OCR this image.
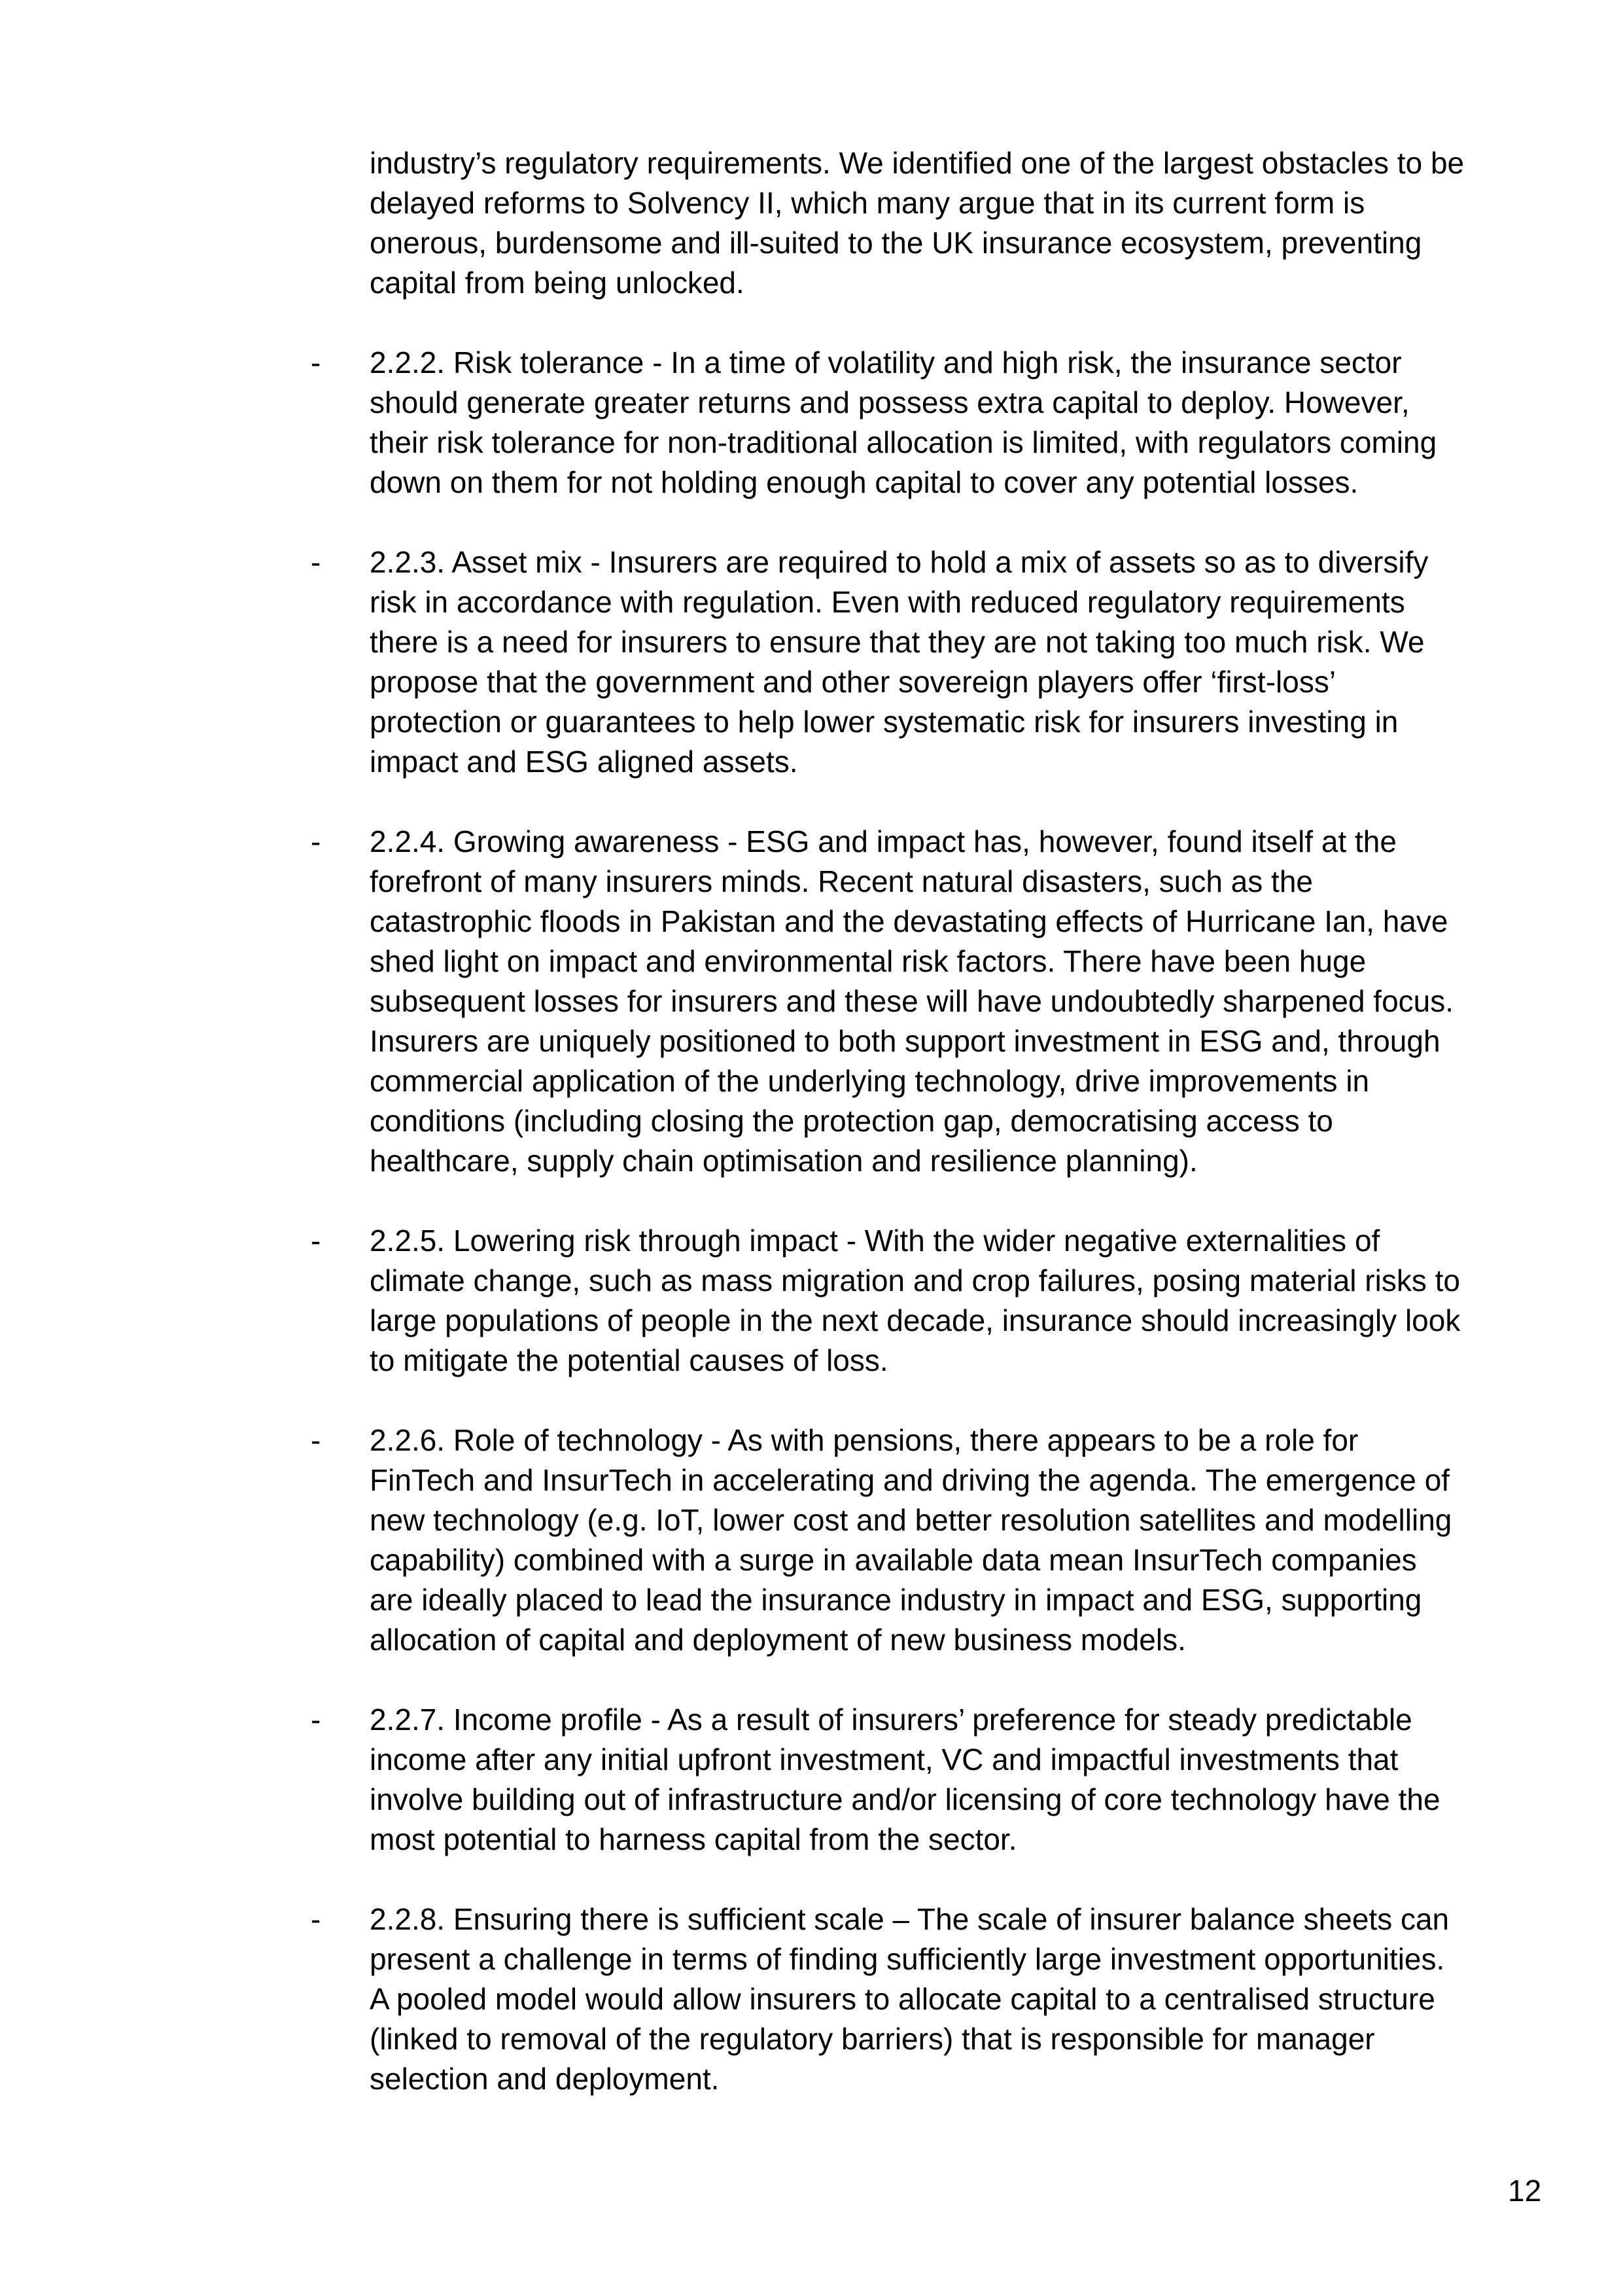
industry’s regulatory requirements. We identified one of the largest obstacles to be
delayed reforms to Solvency II, which many argue that in its current form is
onerous, burdensome and ill-suited to the UK insurance ecosystem, preventing
capital from being unlocked.
- 2.2.2. Risk tolerance - In a time of volatility and high risk, the insurance sector
should generate greater returns and possess extra capital to deploy. However,
their risk tolerance for non-traditional allocation is limited, with regulators coming
down on them for not holding enough capital to cover any potential losses.
- 2.2.3. Asset mix - Insurers are required to hold a mix of assets so as to diversify
risk in accordance with regulation. Even with reduced regulatory requirements
there is a need for insurers to ensure that they are not taking too much risk. We
propose that the government and other sovereign players offer ‘first-loss’
protection or guarantees to help lower systematic risk for insurers investing in
impact and ESG aligned assets.
- 2.2.4. Growing awareness - ESG and impact has, however, found itself at the
forefront of many insurers minds. Recent natural disasters, such as the
catastrophic floods in Pakistan and the devastating effects of Hurricane Ian, have
shed light on impact and environmental risk factors. There have been huge
subsequent losses for insurers and these will have undoubtedly sharpened focus.
Insurers are uniquely positioned to both support investment in ESG and, through
commercial application of the underlying technology, drive improvements in
conditions (including closing the protection gap, democratising access to
healthcare, supply chain optimisation and resilience planning).
- 2.2.5. Lowering risk through impact - With the wider negative externalities of
climate change, such as mass migration and crop failures, posing material risks to
large populations of people in the next decade, insurance should increasingly look
to mitigate the potential causes of loss.
- 2.2.6. Role of technology - As with pensions, there appears to be a role for
FinTech and InsurTech in accelerating and driving the agenda. The emergence of
new technology (e.g. IoT, lower cost and better resolution satellites and modelling
capability) combined with a surge in available data mean InsurTech companies
are ideally placed to lead the insurance industry in impact and ESG, supporting
allocation of capital and deployment of new business models.
- 2.2.7. Income profile - As a result of insurers’ preference for steady predictable
income after any initial upfront investment, VC and impactful investments that
involve building out of infrastructure and/or licensing of core technology have the
most potential to harness capital from the sector.
- 2.2.8. Ensuring there is sufficient scale – The scale of insurer balance sheets can
present a challenge in terms of finding sufficiently large investment opportunities.
A pooled model would allow insurers to allocate capital to a centralised structure
(linked to removal of the regulatory barriers) that is responsible for manager
selection and deployment.
12
